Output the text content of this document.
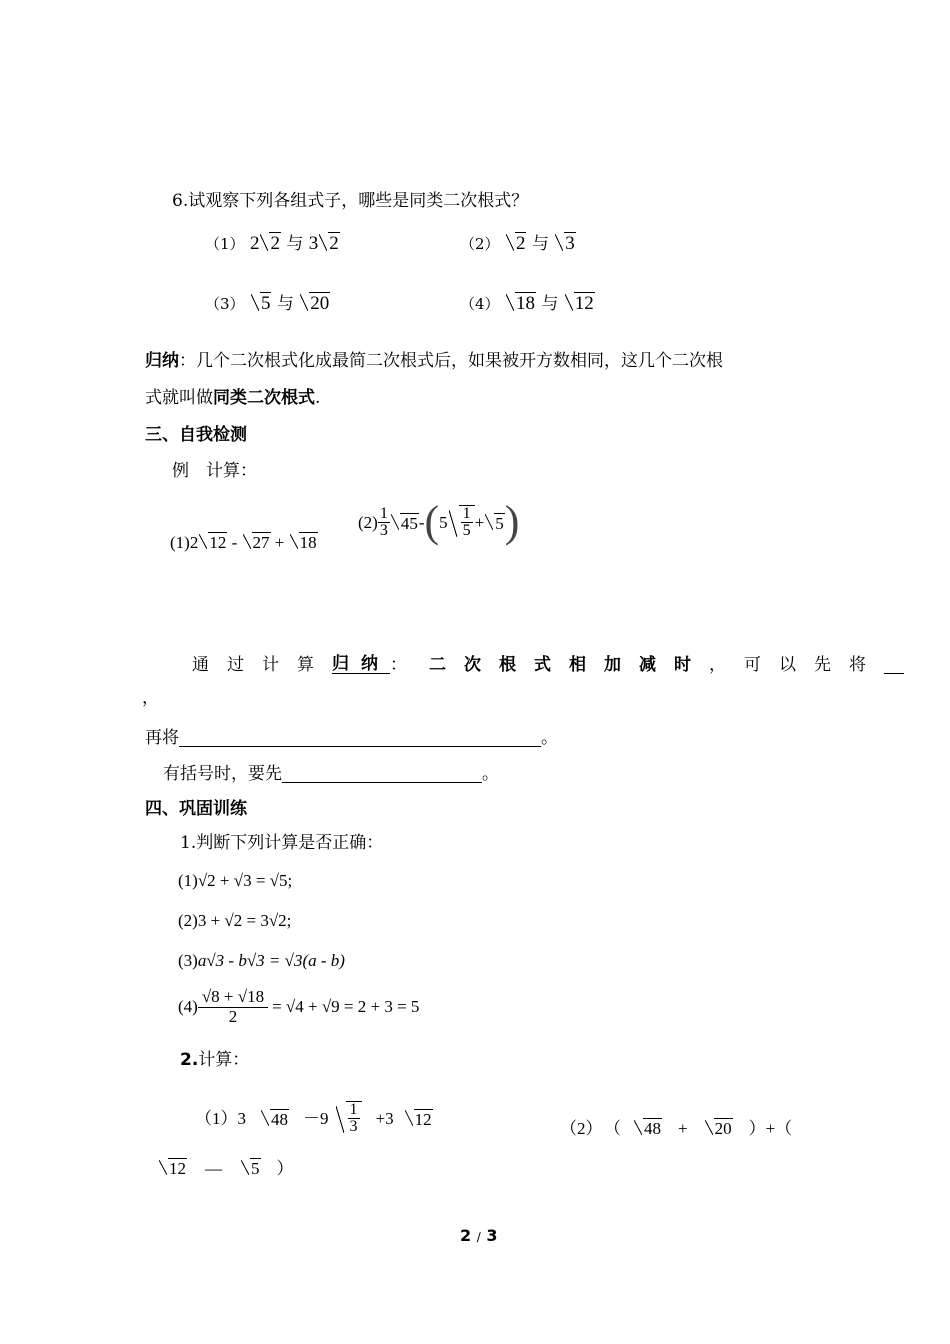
6.试观察下列各组式子，哪些是同类二次根式？
（1） 2 2 与 3 2	（2） 2 与 3
（3） 5 与 20	（4） 18 与 12
归纳：几个二次根式化成最简二次根式后，如果被开方数相同，这几个二次根
式就叫做同类二次根式.
三、自我检测
例　计算：
(1)2 12 - 27 + 18
$(2) \frac{1}{3} 45$ - ( $5 \frac{1}{5} + 5$ )
通过计算归纳： 二次根式相加减时，可以先将
，
再将	。
有括号时，要先	。
四、巩固训练
1.判断下列计算是否正确：
(1)√2 + √3 = √5;
(2)3 + √2 = 3√2;
(3)a√3 - b√3 = √3(a - b)
$(4) \frac{√8 + √18}{2} = √4 + √9 = 2 + 3 = 5$
2.计算：
（1）3	$48 -9 \frac{1}{3} +3$	12	（2） （ 48 + 20 ）+（
12 — 5 ）
2 / 3
